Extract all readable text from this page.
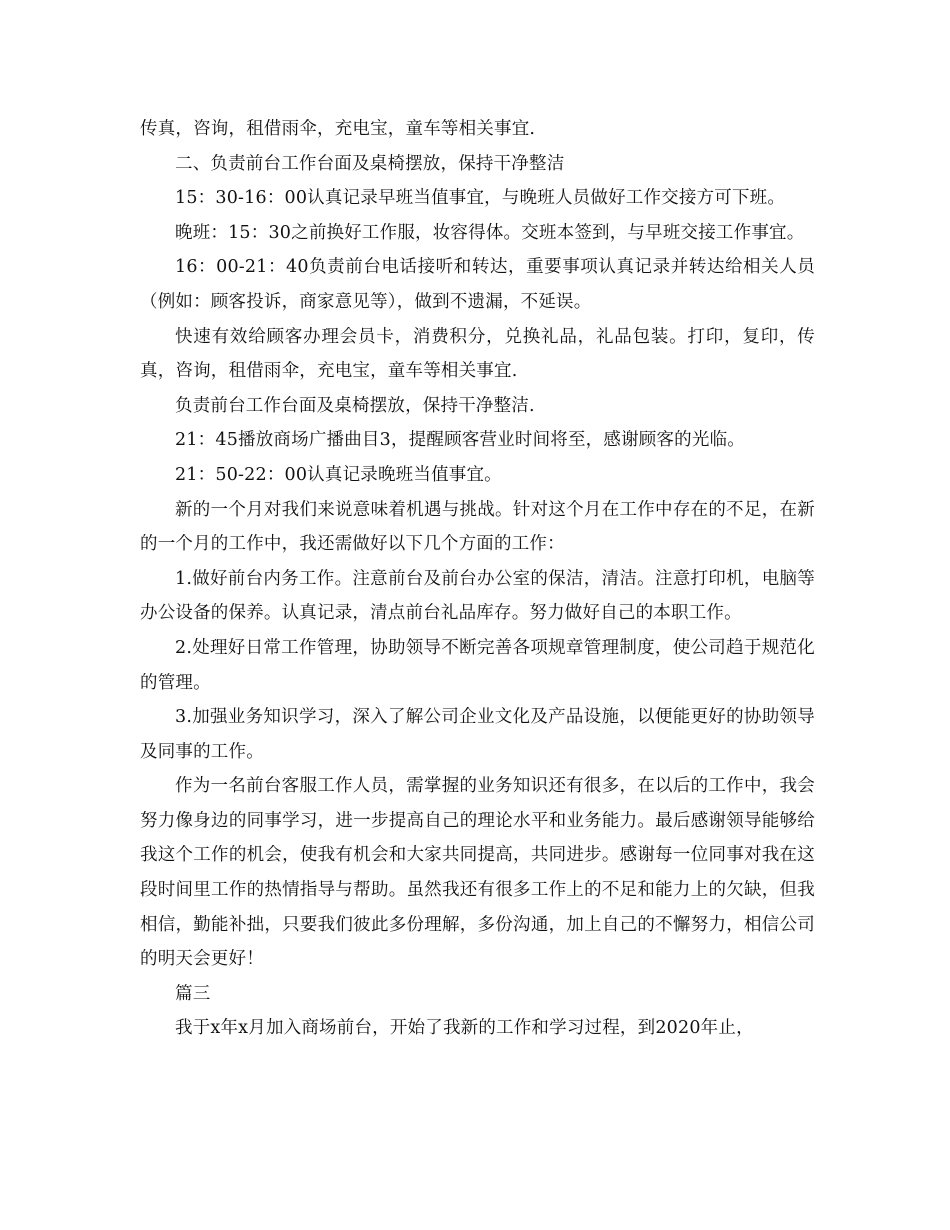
传真，咨询，租借雨伞，充电宝，童车等相关事宜.

二、负责前台工作台面及桌椅摆放，保持干净整洁

15：30-16：00认真记录早班当值事宜，与晚班人员做好工作交接方可下班。

晚班：15：30之前换好工作服，妆容得体。交班本签到，与早班交接工作事宜。

16：00-21：40负责前台电话接听和转达，重要事项认真记录并转达给相关人员（例如：顾客投诉，商家意见等），做到不遗漏，不延误。

快速有效给顾客办理会员卡，消费积分，兑换礼品，礼品包装。打印，复印，传真，咨询，租借雨伞，充电宝，童车等相关事宜.

负责前台工作台面及桌椅摆放，保持干净整洁.

21：45播放商场广播曲目3，提醒顾客营业时间将至，感谢顾客的光临。

21：50-22：00认真记录晚班当值事宜。

新的一个月对我们来说意味着机遇与挑战。针对这个月在工作中存在的不足，在新的一个月的工作中，我还需做好以下几个方面的工作：

1.做好前台内务工作。注意前台及前台办公室的保洁，清洁。注意打印机，电脑等办公设备的保养。认真记录，清点前台礼品库存。努力做好自己的本职工作。

2.处理好日常工作管理，协助领导不断完善各项规章管理制度，使公司趋于规范化的管理。

3.加强业务知识学习，深入了解公司企业文化及产品设施，以便能更好的协助领导及同事的工作。

作为一名前台客服工作人员，需掌握的业务知识还有很多，在以后的工作中，我会努力像身边的同事学习，进一步提高自己的理论水平和业务能力。最后感谢领导能够给我这个工作的机会，使我有机会和大家共同提高，共同进步。感谢每一位同事对我在这段时间里工作的热情指导与帮助。虽然我还有很多工作上的不足和能力上的欠缺，但我相信，勤能补拙，只要我们彼此多份理解，多份沟通，加上自己的不懈努力，相信公司的明天会更好！

篇三

我于x年x月加入商场前台，开始了我新的工作和学习过程，到2020年止，
